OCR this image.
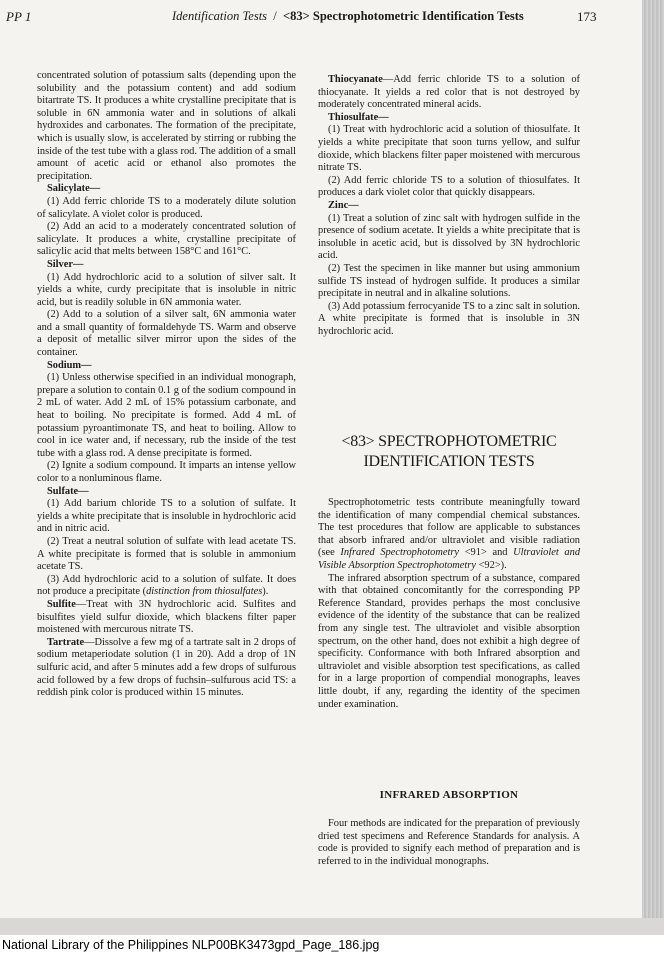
PP 1	Identification Tests / <83> Spectrophotometric Identification Tests	173

concentrated solution of potassium salts (depending upon the solubility and the potassium content) and add sodium bitartrate TS. It produces a white crystalline precipitate that is soluble in 6N ammonia water and in solutions of alkali hydroxides and carbonates. The formation of the precipitate, which is usually slow, is accelerated by stirring or rubbing the inside of the test tube with a glass rod. The addition of a small amount of acetic acid or ethanol also promotes the precipitation.

Salicylate—

(1) Add ferric chloride TS to a moderately dilute solution of salicylate. A violet color is produced.

(2) Add an acid to a moderately concentrated solution of salicylate. It produces a white, crystalline precipitate of salicylic acid that melts between 158°C and 161°C.

Silver—

(1) Add hydrochloric acid to a solution of silver salt. It yields a white, curdy precipitate that is insoluble in nitric acid, but is readily soluble in 6N ammonia water.

(2) Add to a solution of a silver salt, 6N ammonia water and a small quantity of formaldehyde TS. Warm and observe a deposit of metallic silver mirror upon the sides of the container.

Sodium—

(1) Unless otherwise specified in an individual monograph, prepare a solution to contain 0.1 g of the sodium compound in 2 mL of water. Add 2 mL of 15% potassium carbonate, and heat to boiling. No precipitate is formed. Add 4 mL of potassium pyroantimonate TS, and heat to boiling. Allow to cool in ice water and, if necessary, rub the inside of the test tube with a glass rod. A dense precipitate is formed.

(2) Ignite a sodium compound. It imparts an intense yellow color to a nonluminous flame.

Sulfate—

(1) Add barium chloride TS to a solution of sulfate. It yields a white precipitate that is insoluble in hydrochloric acid and in nitric acid.

(2) Treat a neutral solution of sulfate with lead acetate TS. A white precipitate is formed that is soluble in ammonium acetate TS.

(3) Add hydrochloric acid to a solution of sulfate. It does not produce a precipitate (distinction from thiosulfates).

Sulfite—Treat with 3N hydrochloric acid. Sulfites and bisulfites yield sulfur dioxide, which blackens filter paper moistened with mercurous nitrate TS.

Tartrate—Dissolve a few mg of a tartrate salt in 2 drops of sodium metaperiodate solution (1 in 20). Add a drop of 1N sulfuric acid, and after 5 minutes add a few drops of sulfurous acid followed by a few drops of fuchsin–sulfurous acid TS: a reddish pink color is produced within 15 minutes.

Thiocyanate—Add ferric chloride TS to a solution of thiocyanate. It yields a red color that is not destroyed by moderately concentrated mineral acids.

Thiosulfate—

(1) Treat with hydrochloric acid a solution of thiosulfate. It yields a white precipitate that soon turns yellow, and sulfur dioxide, which blackens filter paper moistened with mercurous nitrate TS.

(2) Add ferric chloride TS to a solution of thiosulfates. It produces a dark violet color that quickly disappears.

Zinc—

(1) Treat a solution of zinc salt with hydrogen sulfide in the presence of sodium acetate. It yields a white precipitate that is insoluble in acetic acid, but is dissolved by 3N hydrochloric acid.

(2) Test the specimen in like manner but using ammonium sulfide TS instead of hydrogen sulfide. It produces a similar precipitate in neutral and in alkaline solutions.

(3) Add potassium ferrocyanide TS to a zinc salt in solution. A white precipitate is formed that is insoluble in 3N hydrochloric acid.

<83> SPECTROPHOTOMETRIC
IDENTIFICATION TESTS

Spectrophotometric tests contribute meaningfully toward the identification of many compendial chemical substances. The test procedures that follow are applicable to substances that absorb infrared and/or ultraviolet and visible radiation (see Infrared Spectrophotometry <91> and Ultraviolet and Visible Absorption Spectrophotometry <92>).

The infrared absorption spectrum of a substance, compared with that obtained concomitantly for the corresponding PP Reference Standard, provides perhaps the most conclusive evidence of the identity of the substance that can be realized from any single test. The ultraviolet and visible absorption spectrum, on the other hand, does not exhibit a high degree of specificity. Conformance with both Infrared absorption and ultraviolet and visible absorption test specifications, as called for in a large proportion of compendial monographs, leaves little doubt, if any, regarding the identity of the specimen under examination.

INFRARED ABSORPTION

Four methods are indicated for the preparation of previously dried test specimens and Reference Standards for analysis. A code is provided to signify each method of preparation and is referred to in the individual monographs.

National Library of the Philippines NLP00BK3473gpd_Page_186.jpg
